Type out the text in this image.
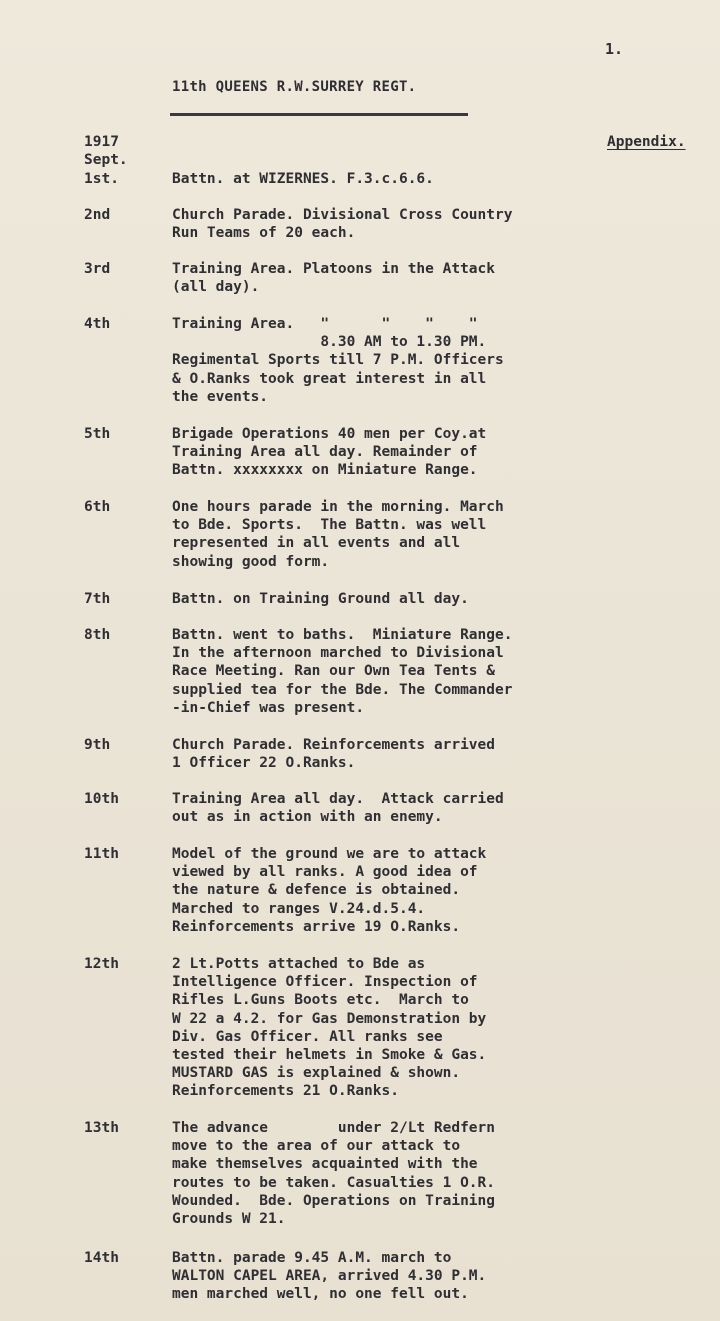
1.
11th QUEENS R.W.SURREY REGT.
1917
Sept.
Appendix.
1st.	Battn. at WIZERNES. F.3.c.6.6.
2nd	Church Parade. Divisional Cross Country
Run Teams of 20 each.
3rd	Training Area. Platoons in the Attack
(all day).
4th	Training Area.   "      "    "    "
8.30 AM to 1.30 PM.
Regimental Sports till 7 P.M. Officers
& O.Ranks took great interest in all
the events.
5th	Brigade Operations 40 men per Coy.at
Training Area all day. Remainder of
Battn. xxxxxxxx on Miniature Range.
6th	One hours parade in the morning. March
to Bde. Sports.  The Battn. was well
represented in all events and all
showing good form.
7th	Battn. on Training Ground all day.
8th	Battn. went to baths.  Miniature Range.
In the afternoon marched to Divisional
Race Meeting. Ran our Own Tea Tents &
supplied tea for the Bde. The Commander
-in-Chief was present.
9th	Church Parade. Reinforcements arrived
1 Officer 22 O.Ranks.
10th	Training Area all day.  Attack carried
out as in action with an enemy.
11th	Model of the ground we are to attack
viewed by all ranks. A good idea of
the nature & defence is obtained.
Marched to ranges V.24.d.5.4.
Reinforcements arrive 19 O.Ranks.
12th	2 Lt.Potts attached to Bde as
Intelligence Officer. Inspection of
Rifles L.Guns Boots etc.  March to
W 22 a 4.2. for Gas Demonstration by
Div. Gas Officer. All ranks see
tested their helmets in Smoke & Gas.
MUSTARD GAS is explained & shown.
Reinforcements 21 O.Ranks.
13th	The advance        under 2/Lt Redfern
move to the area of our attack to
make themselves acquainted with the
routes to be taken. Casualties 1 O.R.
Wounded.  Bde. Operations on Training
Grounds W 21.
14th	Battn. parade 9.45 A.M. march to
WALTON CAPEL AREA, arrived 4.30 P.M.
men marched well, no one fell out.
